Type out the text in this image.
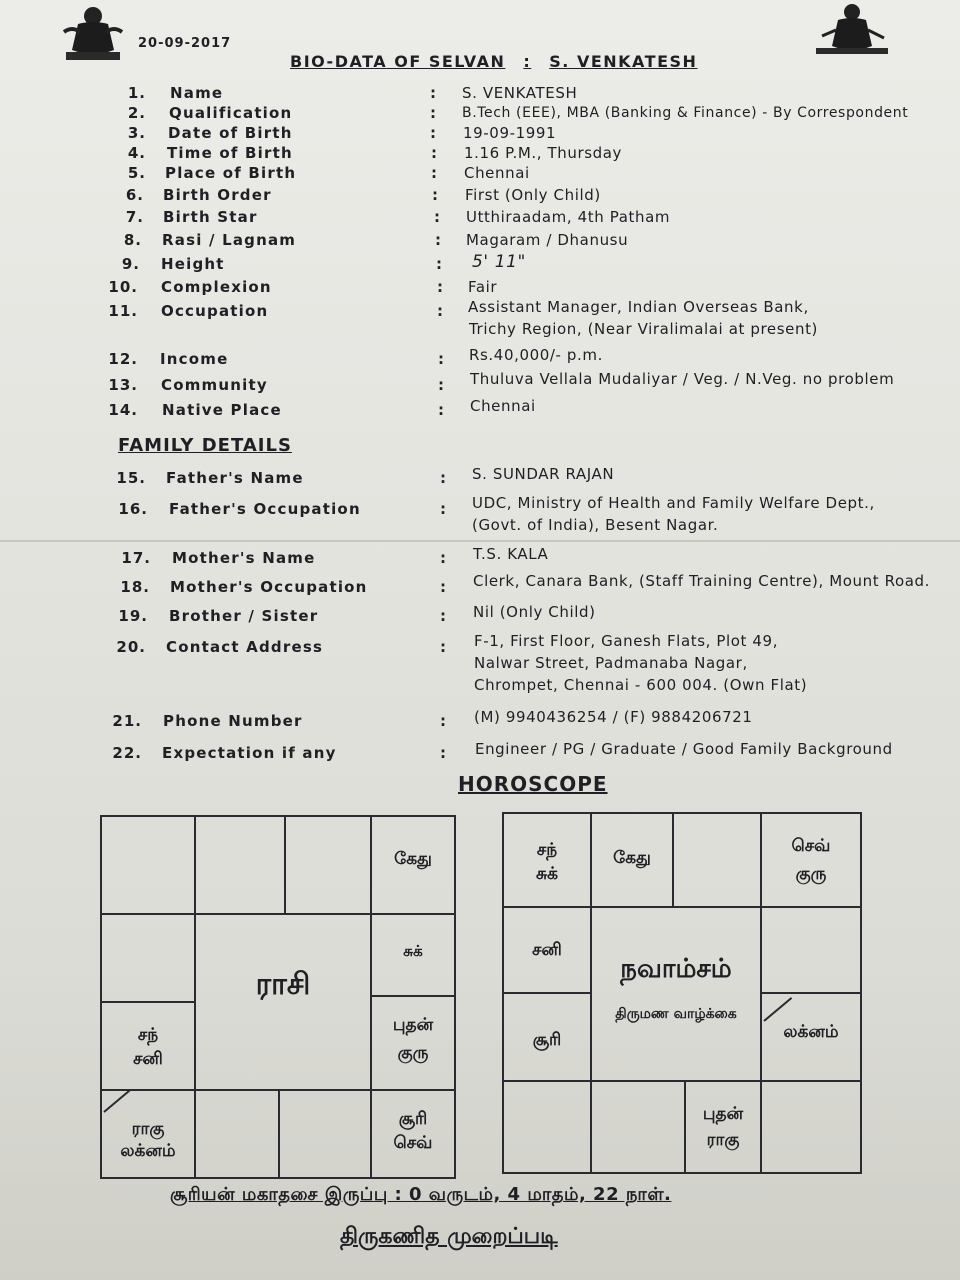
20-09-2017
BIO-DATA OF SELVAN : S. VENKATESH
1. Name	: S. VENKATESH
2. Qualification	: B.Tech (EEE), MBA (Banking & Finance) - By Correspondent
3. Date of Birth	: 19-09-1991
4. Time of Birth	: 1.16 P.M., Thursday
5. Place of Birth	: Chennai
6. Birth Order	: First (Only Child)
7. Birth Star	: Utthiraadam, 4th Patham
8. Rasi / Lagnam	: Magaram / Dhanusu
9. Height	: 5' 11"
10. Complexion	: Fair
11. Occupation	: Assistant Manager, Indian Overseas Bank,
Trichy Region, (Near Viralimalai at present)
12. Income	: Rs.40,000/- p.m.
13. Community	: Thuluva Vellala Mudaliyar / Veg. / N.Veg. no problem
14. Native Place	: Chennai
FAMILY DETAILS
15. Father's Name	: S. SUNDAR RAJAN
16. Father's Occupation	: UDC, Ministry of Health and Family Welfare Dept.,
(Govt. of India), Besent Nagar.
17. Mother's Name	: T.S. KALA
18. Mother's Occupation	: Clerk, Canara Bank, (Staff Training Centre), Mount Road.
19. Brother / Sister	: Nil (Only Child)
20. Contact Address	: F-1, First Floor, Ganesh Flats, Plot 49,
Nalwar Street, Padmanaba Nagar,
Chrompet, Chennai - 600 004. (Own Flat)
21. Phone Number	: (M) 9940436254 / (F) 9884206721
22. Expectation if any	: Engineer / PG / Graduate / Good Family Background
HOROSCOPE
கேது
சுக்
ராசி
சந்
சனி
புதன்
குரு
ராகு
லக்னம்
சூரி
செவ்
சந்
சுக்
கேது
செவ்
குரு
சனி
நவாம்சம்
திருமண வாழ்க்கை
சூரி	லக்னம்
புதன்
ராகு
சூரியன் மகாதசை இருப்பு : 0 வருடம், 4 மாதம், 22 நாள்.
திருகணித முறைப்படி
